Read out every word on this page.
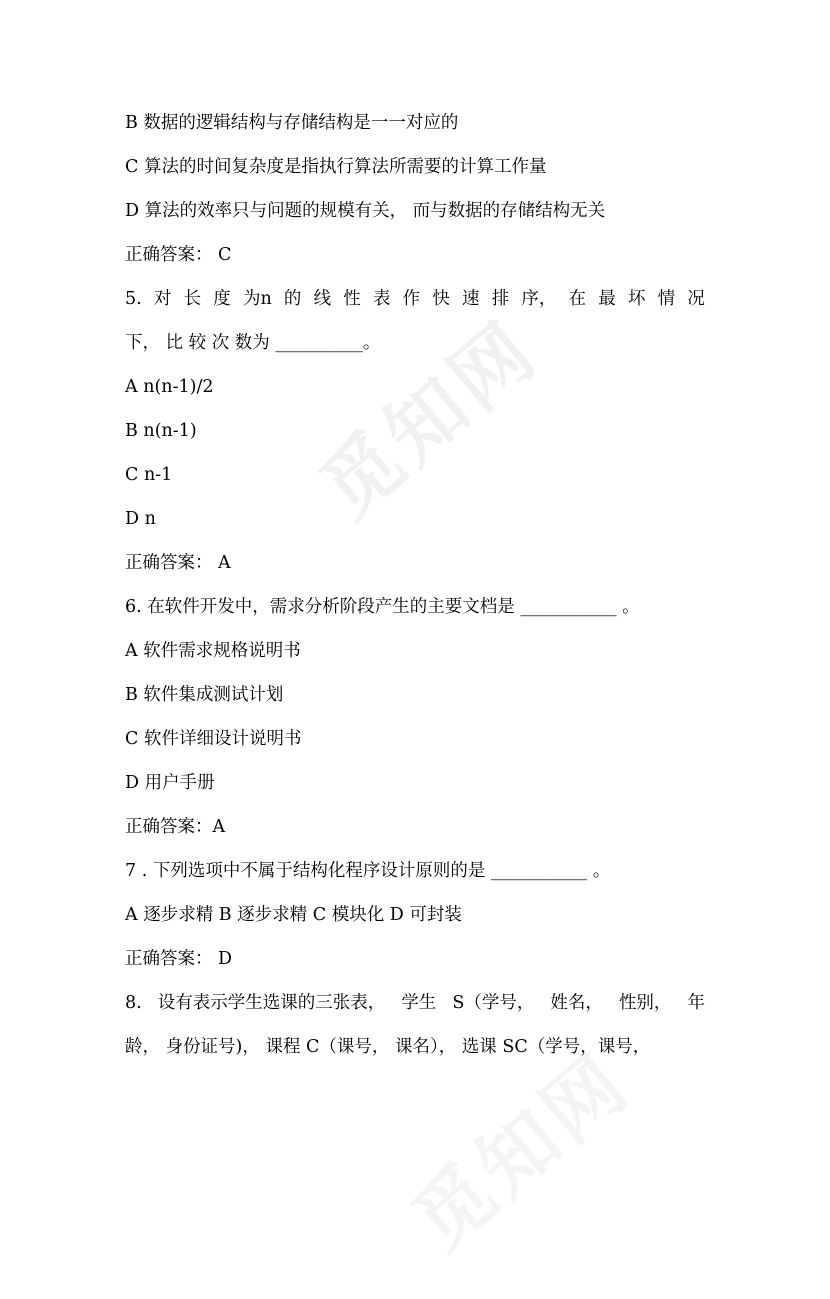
觅知网
B 数据的逻辑结构与存储结构是一一对应的
C 算法的时间复杂度是指执行算法所需要的计算工作量
D 算法的效率只与问题的规模有关， 而与数据的存储结构无关
正确答案： C
5. 对 长 度 为n 的 线 性 表 作 快 速 排 序， 在 最 坏 情 况
下， 比 较 次 数为 __________。
A n(n-1)/2
B n(n-1)
C n-1
D n
正确答案： A
6. 在软件开发中，需求分析阶段产生的主要文档是 ___________ 。
A 软件需求规格说明书
B 软件集成测试计划
C 软件详细设计说明书
D 用户手册
正确答案：A
7 . 下列选项中不属于结构化程序设计原则的是 ___________ 。
A 逐步求精 B 逐步求精 C 模块化 D 可封装
正确答案： D
8. 设有表示学生选课的三张表， 学生 S（学号， 姓名， 性别， 年
龄， 身份证号)， 课程 C（课号， 课名）， 选课 SC（学号，课号，
